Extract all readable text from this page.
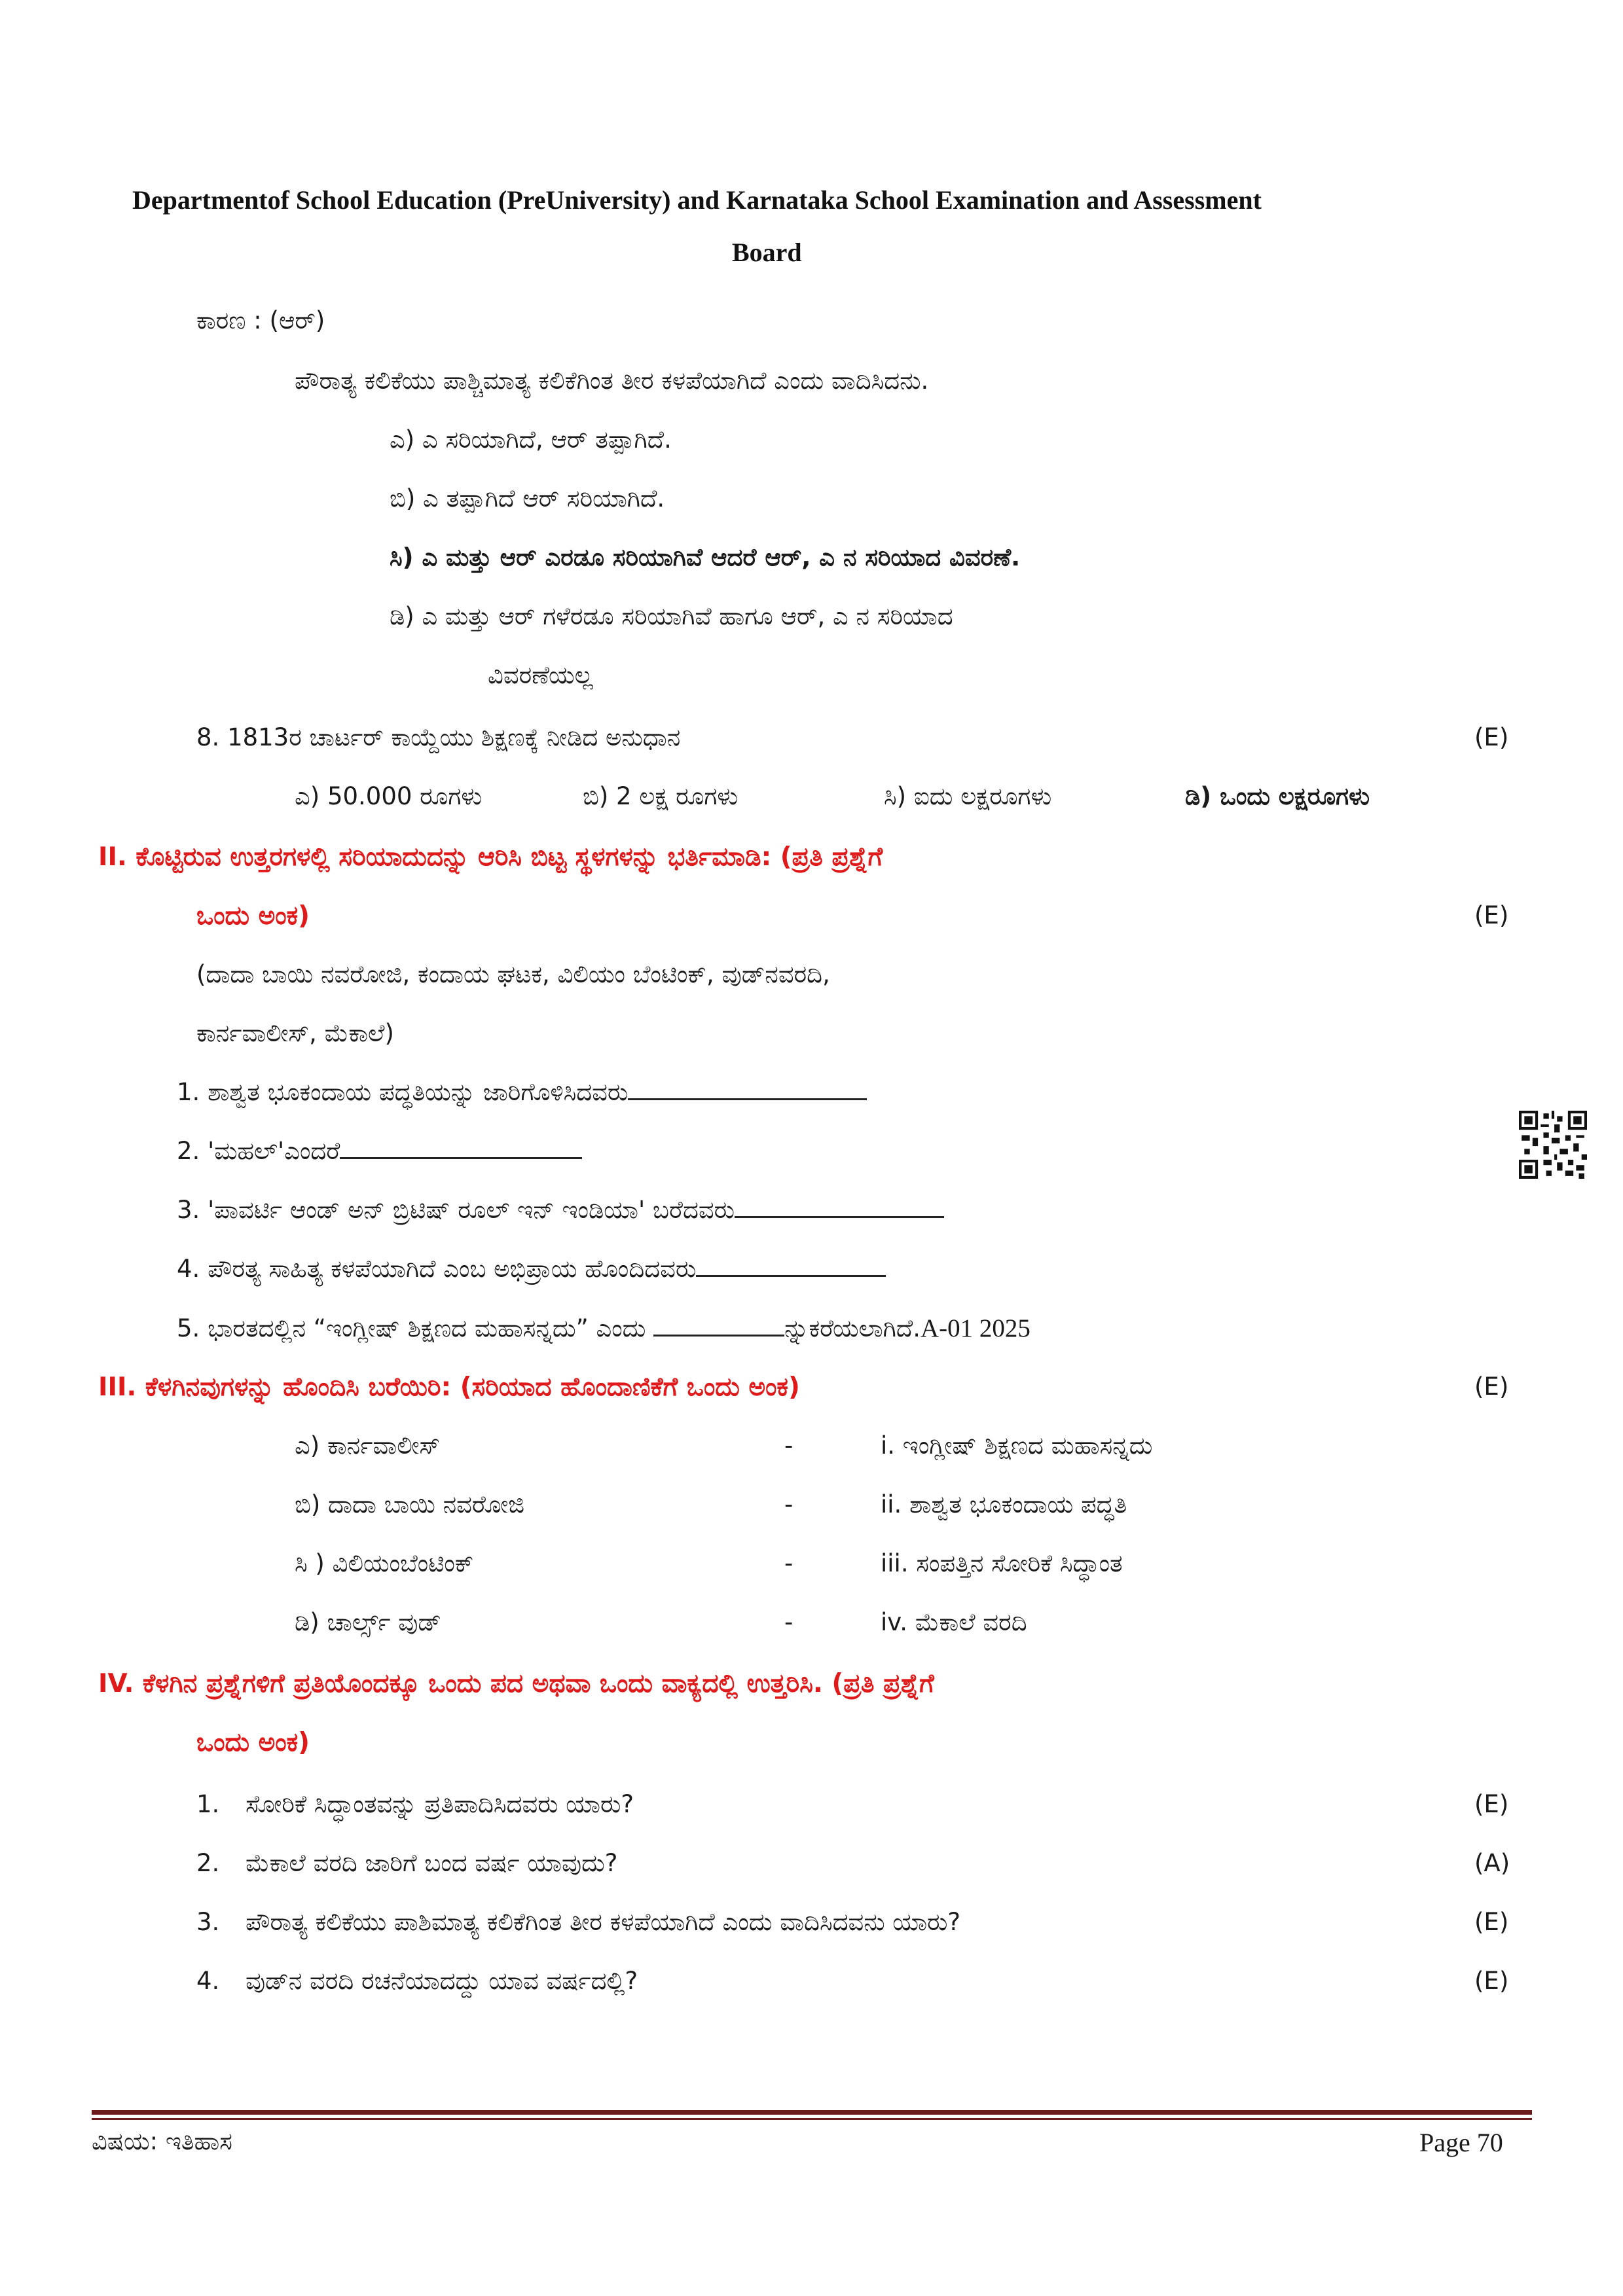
Departmentof School Education (PreUniversity) and Karnataka School Examination and Assessment
Board
ಕಾರಣ : (ಆರ್)
ಪೌರಾತ್ಯ ಕಲಿಕೆಯು ಪಾಶ್ಚಿಮಾತ್ಯ ಕಲಿಕೆಗಿಂತ ತೀರ ಕಳಪೆಯಾಗಿದೆ ಎಂದು ವಾದಿಸಿದನು.
ಎ) ಎ ಸರಿಯಾಗಿದೆ, ಆರ್ ತಪ್ಪಾಗಿದೆ.
ಬಿ) ಎ ತಪ್ಪಾಗಿದೆ ಆರ್ ಸರಿಯಾಗಿದೆ.
ಸಿ) ಎ ಮತ್ತು ಆರ್ ಎರಡೂ ಸರಿಯಾಗಿವೆ ಆದರೆ ಆರ್, ಎ ನ ಸರಿಯಾದ ವಿವರಣೆ.
ಡಿ) ಎ ಮತ್ತು ಆರ್ ಗಳೆರಡೂ ಸರಿಯಾಗಿವೆ ಹಾಗೂ ಆರ್, ಎ ನ ಸರಿಯಾದ
ವಿವರಣೆಯಲ್ಲ
8. 1813ರ ಚಾರ್ಟರ್ ಕಾಯ್ದೆಯು ಶಿಕ್ಷಣಕ್ಕೆ ನೀಡಿದ ಅನುಧಾನ	(E)
ಎ) 50.000 ರೂಗಳು	ಬಿ) 2 ಲಕ್ಷ ರೂಗಳು	ಸಿ) ಐದು ಲಕ್ಷರೂಗಳು	ಡಿ) ಒಂದು ಲಕ್ಷರೂಗಳು
II. ಕೊಟ್ಟಿರುವ ಉತ್ತರಗಳಲ್ಲಿ ಸರಿಯಾದುದನ್ನು ಆರಿಸಿ ಬಿಟ್ಟ ಸ್ಥಳಗಳನ್ನು ಭರ್ತಿಮಾಡಿ: (ಪ್ರತಿ ಪ್ರಶ್ನೆಗೆ
ಒಂದು ಅಂಕ)	(E)
(ದಾದಾ ಬಾಯಿ ನವರೋಜಿ, ಕಂದಾಯ ಘಟಕ, ವಿಲಿಯಂ ಬೆಂಟಿಂಕ್, ವುಡ್‌ನವರದಿ,
ಕಾರ್ನವಾಲೀಸ್, ಮೆಕಾಲೆ)
1. ಶಾಶ್ವತ ಭೂಕಂದಾಯ ಪದ್ಧತಿಯನ್ನು ಜಾರಿಗೊಳಿಸಿದವರು
2. 'ಮಹಲ್'ಎಂದರೆ
3. 'ಪಾವರ್ಟಿ ಆಂಡ್ ಅನ್ ಬ್ರಿಟಿಷ್ ರೂಲ್ ಇನ್ ಇಂಡಿಯಾ' ಬರೆದವರು
4. ಪೌರತ್ಯ ಸಾಹಿತ್ಯ ಕಳಪೆಯಾಗಿದೆ ಎಂಬ ಅಭಿಪ್ರಾಯ ಹೊಂದಿದವರು
5. ಭಾರತದಲ್ಲಿನ “ಇಂಗ್ಲೀಷ್ ಶಿಕ್ಷಣದ ಮಹಾಸನ್ನದು” ಎಂದು	ನ್ನುಕರೆಯಲಾಗಿದೆ.A-01 2025
III. ಕೆಳಗಿನವುಗಳನ್ನು ಹೊಂದಿಸಿ ಬರೆಯಿರಿ: (ಸರಿಯಾದ ಹೊಂದಾಣಿಕೆಗೆ ಒಂದು ಅಂಕ)	(E)
ಎ) ಕಾರ್ನವಾಲೀಸ್	-	i. ಇಂಗ್ಲೀಷ್ ಶಿಕ್ಷಣದ ಮಹಾಸನ್ನದು
ಬಿ) ದಾದಾ ಬಾಯಿ ನವರೋಜಿ	-	ii. ಶಾಶ್ವತ ಭೂಕಂದಾಯ ಪದ್ಧತಿ
ಸಿ ) ವಿಲಿಯಂಬೆಂಟಿಂಕ್	-	iii. ಸಂಪತ್ತಿನ ಸೋರಿಕೆ ಸಿದ್ಧಾಂತ
ಡಿ) ಚಾರ್ಲ್ಸ್ ವುಡ್	-	iv. ಮೆಕಾಲೆ ವರದಿ
IV. ಕೆಳಗಿನ ಪ್ರಶ್ನೆಗಳಿಗೆ ಪ್ರತಿಯೊಂದಕ್ಕೂ ಒಂದು ಪದ ಅಥವಾ ಒಂದು ವಾಕ್ಯದಲ್ಲಿ ಉತ್ತರಿಸಿ. (ಪ್ರತಿ ಪ್ರಶ್ನೆಗೆ
ಒಂದು ಅಂಕ)
1. ಸೋರಿಕೆ ಸಿದ್ಧಾಂತವನ್ನು ಪ್ರತಿಪಾದಿಸಿದವರು ಯಾರು?	(E)
2. ಮೆಕಾಲೆ ವರದಿ ಜಾರಿಗೆ ಬಂದ ವರ್ಷ ಯಾವುದು?	(A)
3. ಪೌರಾತ್ಯ ಕಲಿಕೆಯು ಪಾಶಿಮಾತ್ಯ ಕಲಿಕೆಗಿಂತ ತೀರ ಕಳಪೆಯಾಗಿದೆ ಎಂದು ವಾದಿಸಿದವನು ಯಾರು?	(E)
4. ವುಡ್‌ನ ವರದಿ ರಚನೆಯಾದದ್ದು ಯಾವ ವರ್ಷದಲ್ಲಿ?	(E)
ವಿಷಯ: ಇತಿಹಾಸ	Page 70
